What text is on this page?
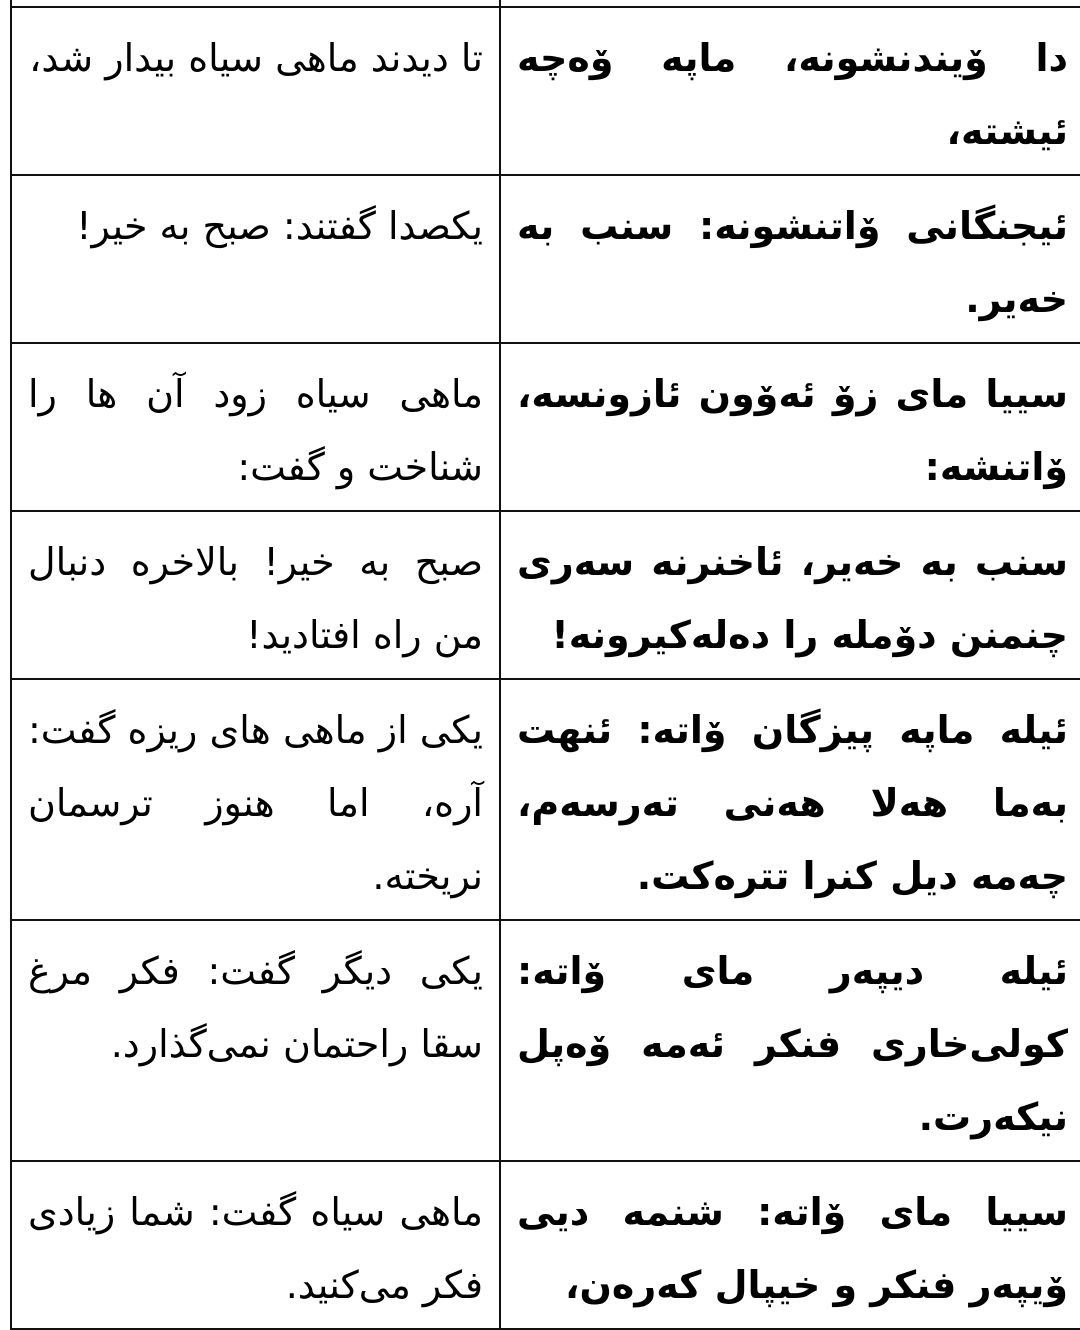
تا دیدند ماهی سیاه بیدار شد،	دا ۆیندنشونە، ماپە ۆەچە ئیشتە،
یکصدا گفتند: صبح به خیر!	ئیجنگانی ۆاتنشونە: سنب بە خەیر.
ماهی سیاه زود آن ها را شناخت و گفت:	سییا مای زۆ ئەۆون ئازونسە، ۆاتنشە:
صبح به خیر! بالاخره دنبال من راه افتادید!	سنب بە خەیر، ئاخنرنە سەری چنمنن دۆملە را دەلەکیرونە!
یکی از ماهی های ریزه گفت: آره، اما هنوز ترسمان نریخته.	ئیلە ماپە پیزگان ۆاتە: ئنهت بەما هەلا هەنی تەرسەم، چەمە دیل کنرا تترەکت.
یکی دیگر گفت: فکر مرغ سقا راحتمان نمی‌گذارد.	ئیلە دیپەر مای ۆاتە: کولی‌خاری فنکر ئەمە ۆەپل نیکەرت.
ماهی سیاه گفت: شما زیادی فکر می‌کنید.	سییا مای ۆاتە: شنمە دیی ۆیپەر فنکر و خیپال کەرەن،
